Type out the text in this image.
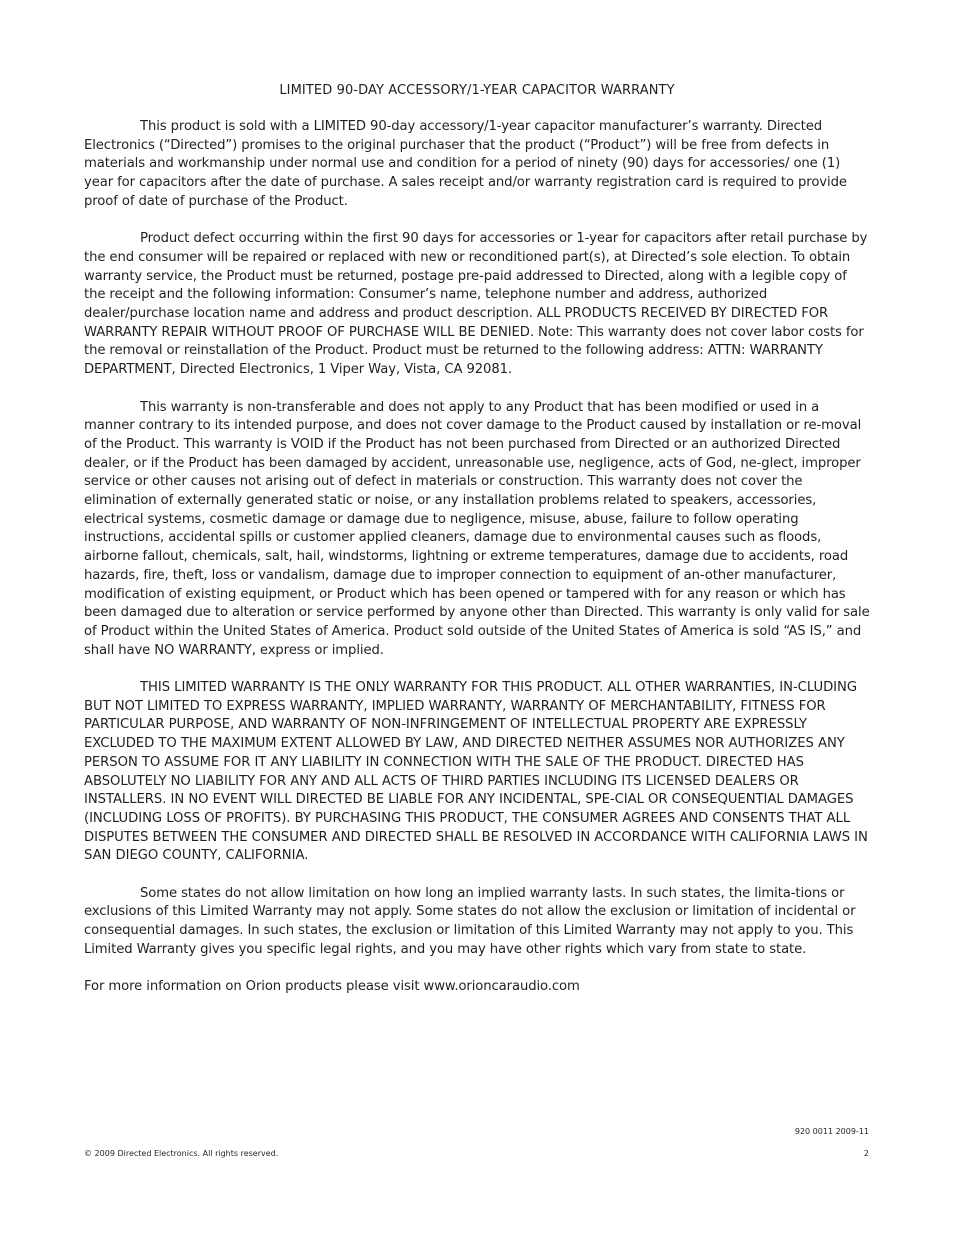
LIMITED 90-DAY ACCESSORY/1-YEAR CAPACITOR WARRANTY

This product is sold with a LIMITED 90-day accessory/1-year capacitor manufacturer’s warranty. Directed Electronics (“Directed”) promises to the original purchaser that the product (“Product”) will be free from defects in materials and workmanship under normal use and condition for a period of ninety (90) days for accessories/ one (1) year for capacitors after the date of purchase. A sales receipt and/or warranty registration card is required to provide proof of date of purchase of the Product.

Product defect occurring within the first 90 days for accessories or 1-year for capacitors after retail purchase by the end consumer will be repaired or replaced with new or reconditioned part(s), at Directed’s sole election. To obtain warranty service, the Product must be returned, postage pre-paid addressed to Directed, along with a legible copy of the receipt and the following information: Consumer’s name, telephone number and address, authorized dealer/purchase location name and address and product description. ALL PRODUCTS RECEIVED BY DIRECTED FOR WARRANTY REPAIR WITHOUT PROOF OF PURCHASE WILL BE DENIED. Note: This warranty does not cover labor costs for the removal or reinstallation of the Product. Product must be returned to the following address: ATTN: WARRANTY DEPARTMENT, Directed Electronics, 1 Viper Way, Vista, CA 92081.

This warranty is non-transferable and does not apply to any Product that has been modified or used in a manner contrary to its intended purpose, and does not cover damage to the Product caused by installation or re-moval of the Product. This warranty is VOID if the Product has not been purchased from Directed or an authorized Directed dealer, or if the Product has been damaged by accident, unreasonable use, negligence, acts of God, ne-glect, improper service or other causes not arising out of defect in materials or construction. This warranty does not cover the elimination of externally generated static or noise, or any installation problems related to speakers, accessories, electrical systems, cosmetic damage or damage due to negligence, misuse, abuse, failure to follow operating instructions, accidental spills or customer applied cleaners, damage due to environmental causes such as floods, airborne fallout, chemicals, salt, hail, windstorms, lightning or extreme temperatures, damage due to accidents, road hazards, fire, theft, loss or vandalism, damage due to improper connection to equipment of an-other manufacturer, modification of existing equipment, or Product which has been opened or tampered with for any reason or which has been damaged due to alteration or service performed by anyone other than Directed. This warranty is only valid for sale of Product within the United States of America. Product sold outside of the United States of America is sold “AS IS,” and shall have NO WARRANTY, express or implied.

THIS LIMITED WARRANTY IS THE ONLY WARRANTY FOR THIS PRODUCT. ALL OTHER WARRANTIES, IN-CLUDING BUT NOT LIMITED TO EXPRESS WARRANTY, IMPLIED WARRANTY, WARRANTY OF MERCHANTABILITY, FITNESS FOR PARTICULAR PURPOSE, AND WARRANTY OF NON-INFRINGEMENT OF INTELLECTUAL PROPERTY ARE EXPRESSLY EXCLUDED TO THE MAXIMUM EXTENT ALLOWED BY LAW, AND DIRECTED NEITHER ASSUMES NOR AUTHORIZES ANY PERSON TO ASSUME FOR IT ANY LIABILITY IN CONNECTION WITH THE SALE OF THE PRODUCT. DIRECTED HAS ABSOLUTELY NO LIABILITY FOR ANY AND ALL ACTS OF THIRD PARTIES INCLUDING ITS LICENSED DEALERS OR INSTALLERS. IN NO EVENT WILL DIRECTED BE LIABLE FOR ANY INCIDENTAL, SPE-CIAL OR CONSEQUENTIAL DAMAGES (INCLUDING LOSS OF PROFITS). BY PURCHASING THIS PRODUCT, THE CONSUMER AGREES AND CONSENTS THAT ALL DISPUTES BETWEEN THE CONSUMER AND DIRECTED SHALL BE RESOLVED IN ACCORDANCE WITH CALIFORNIA LAWS IN SAN DIEGO COUNTY, CALIFORNIA.

Some states do not allow limitation on how long an implied warranty lasts. In such states, the limita-tions or exclusions of this Limited Warranty may not apply. Some states do not allow the exclusion or limitation of incidental or consequential damages. In such states, the exclusion or limitation of this Limited Warranty may not apply to you. This Limited Warranty gives you specific legal rights, and you may have other rights which vary from state to state.

For more information on Orion products please visit www.orioncaraudio.com

920 0011 2009-11
© 2009 Directed Electronics. All rights reserved.	2
